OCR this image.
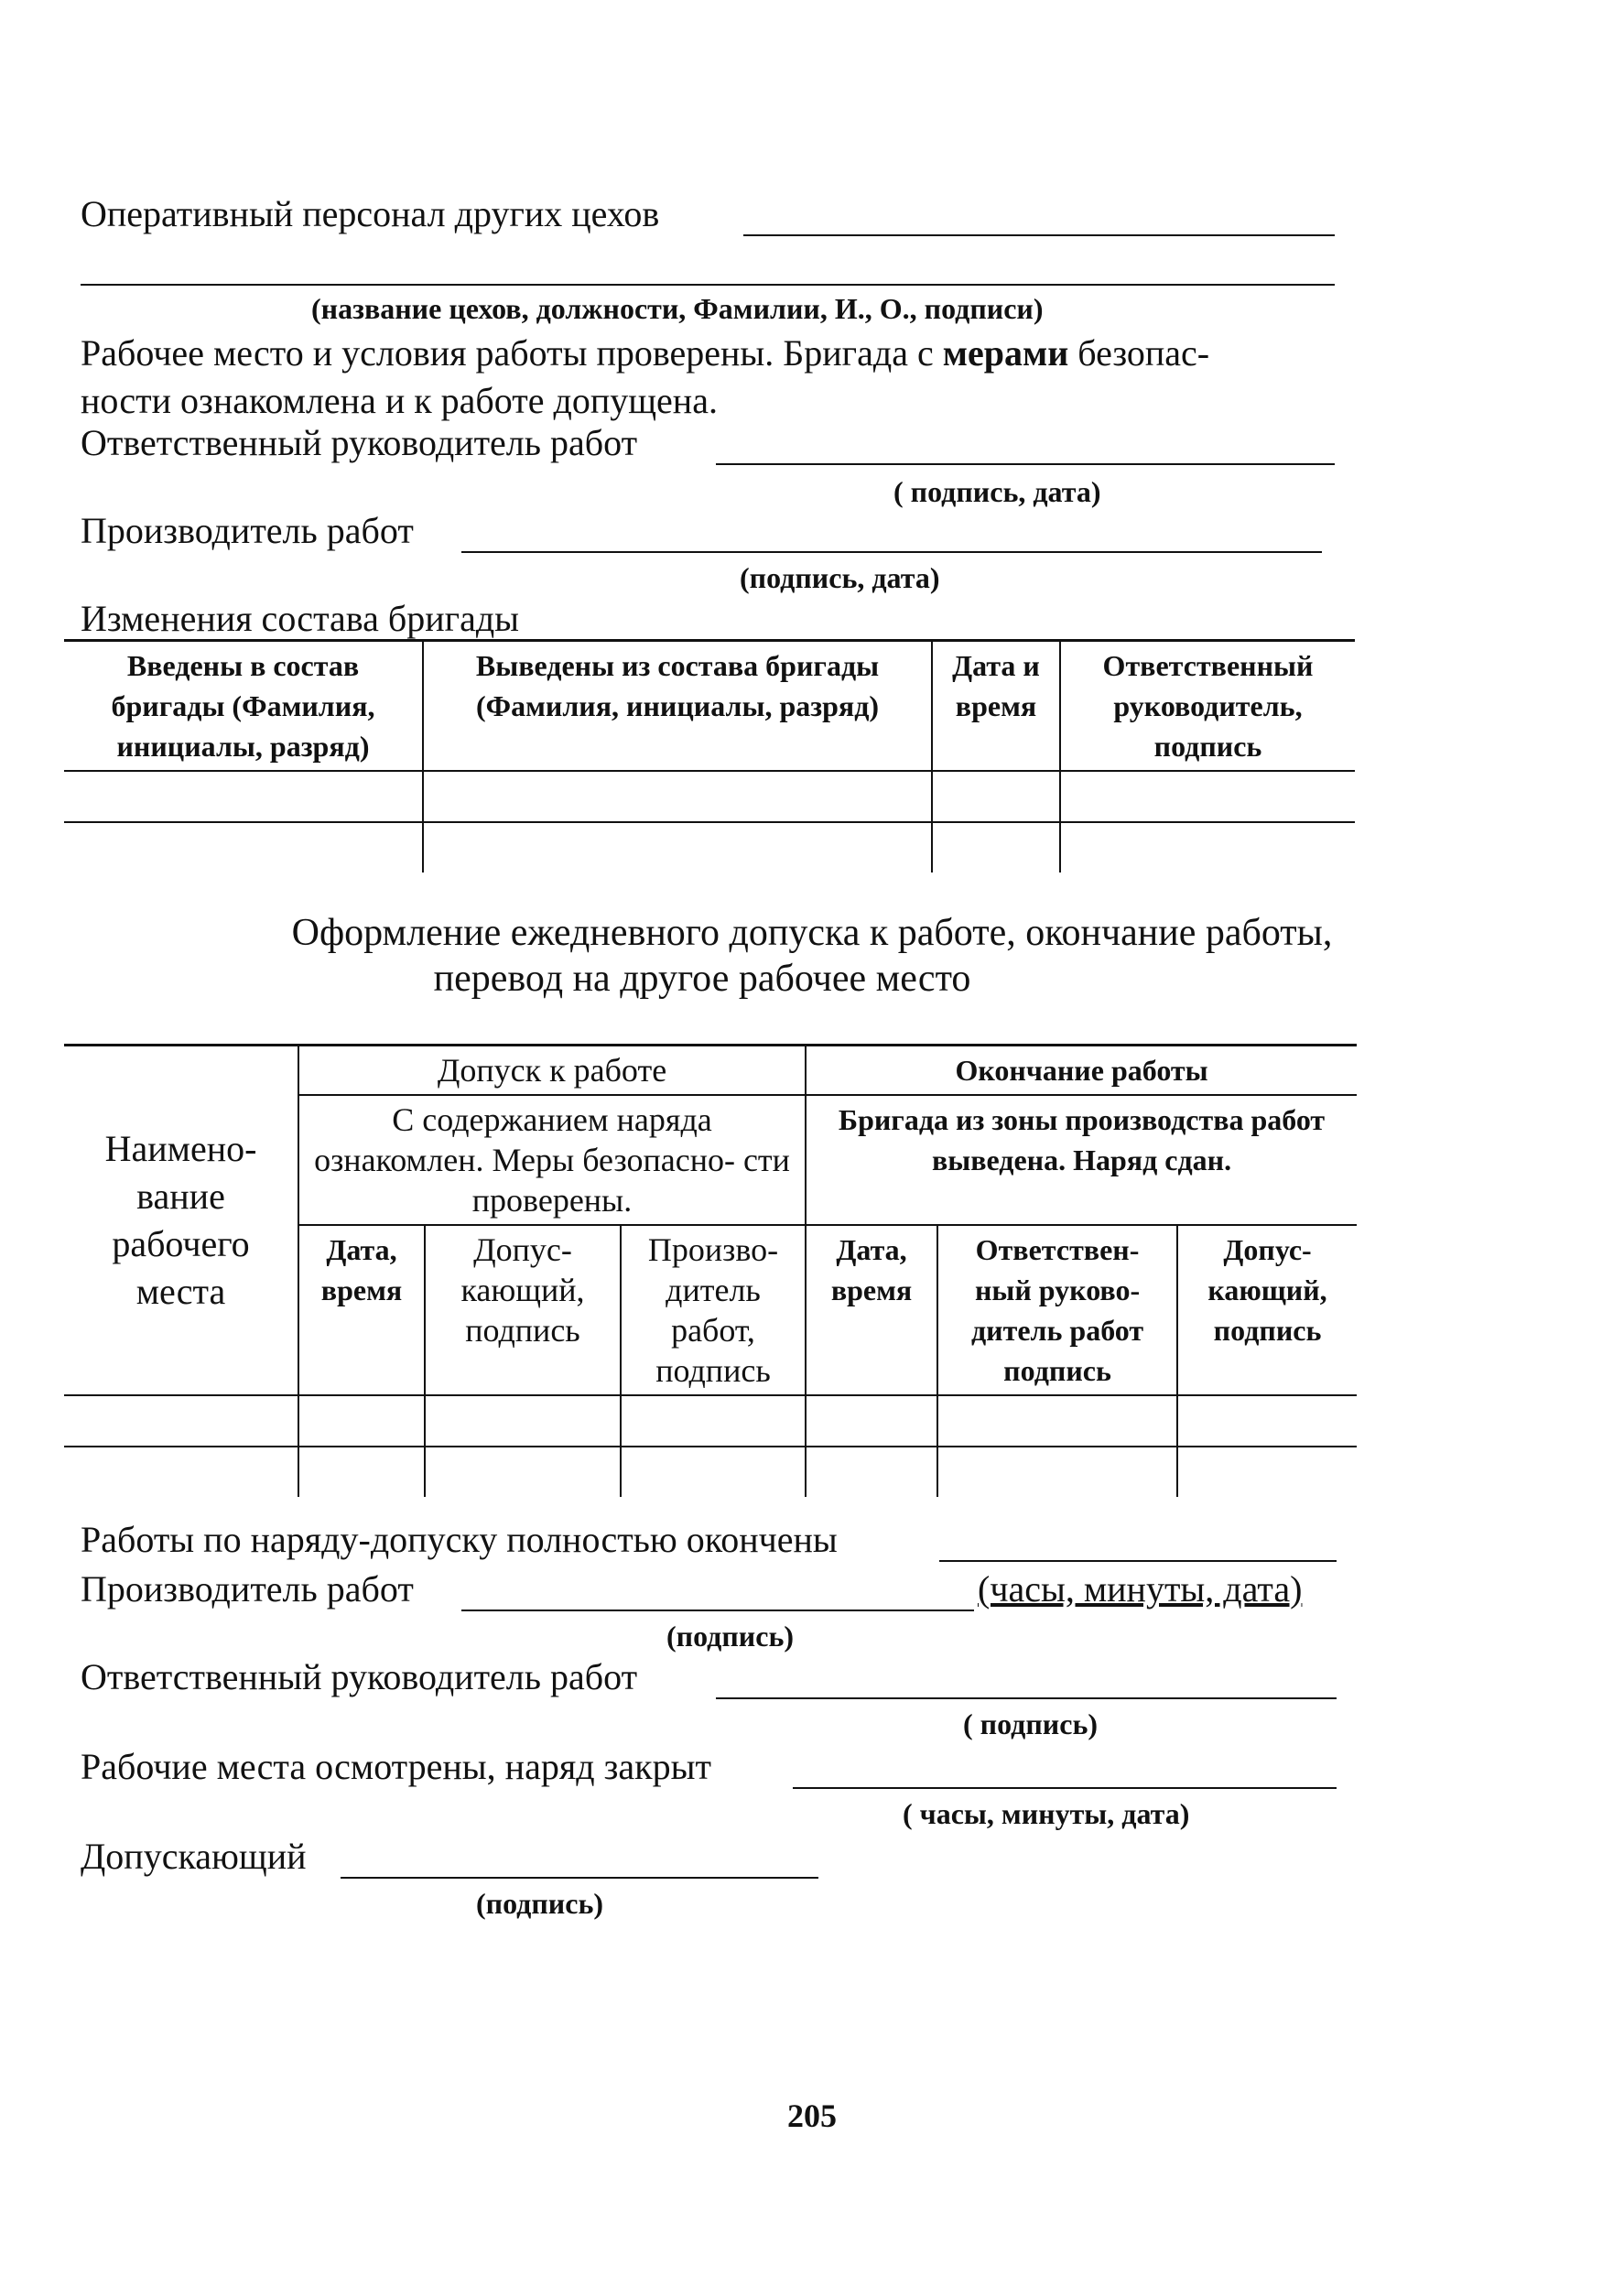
Оперативный персонал других цехов
(название цехов, должности, Фамилии, И., О., подписи)
Рабочее место и условия работы проверены. Бригада с мерами безопас-
ности ознакомлена и к работе допущена.
Ответственный руководитель работ
( подпись, дата)
Производитель работ
(подпись, дата)
Изменения состава бригады
Введены в состав бригады (Фамилия, инициалы, разряд)	Выведены из состава бригады (Фамилия, инициалы, разряд)	Дата и время	Ответственный руководитель, подпись

Оформление ежедневного допуска к работе, окончание работы,
перевод на другое рабочее место
Наимено- вание рабочего места	Допуск к работе			Окончание работы		
	С содержанием наряда ознакомлен. Меры безопасно- сти проверены.			Бригада из зоны производства работ выведена. Наряд сдан.		
	Дата, время	Допус- кающий, подпись	Произво- дитель работ, подпись	Дата, время	Ответствен- ный руково- дитель работ подпись	Допус- кающий, подпись

Работы по наряду-допуску полностью окончены
Производитель работ	(часы, минуты, дата)
(подпись)
Ответственный руководитель работ
( подпись)
Рабочие места осмотрены, наряд закрыт
( часы, минуты, дата)
Допускающий
(подпись)
205
